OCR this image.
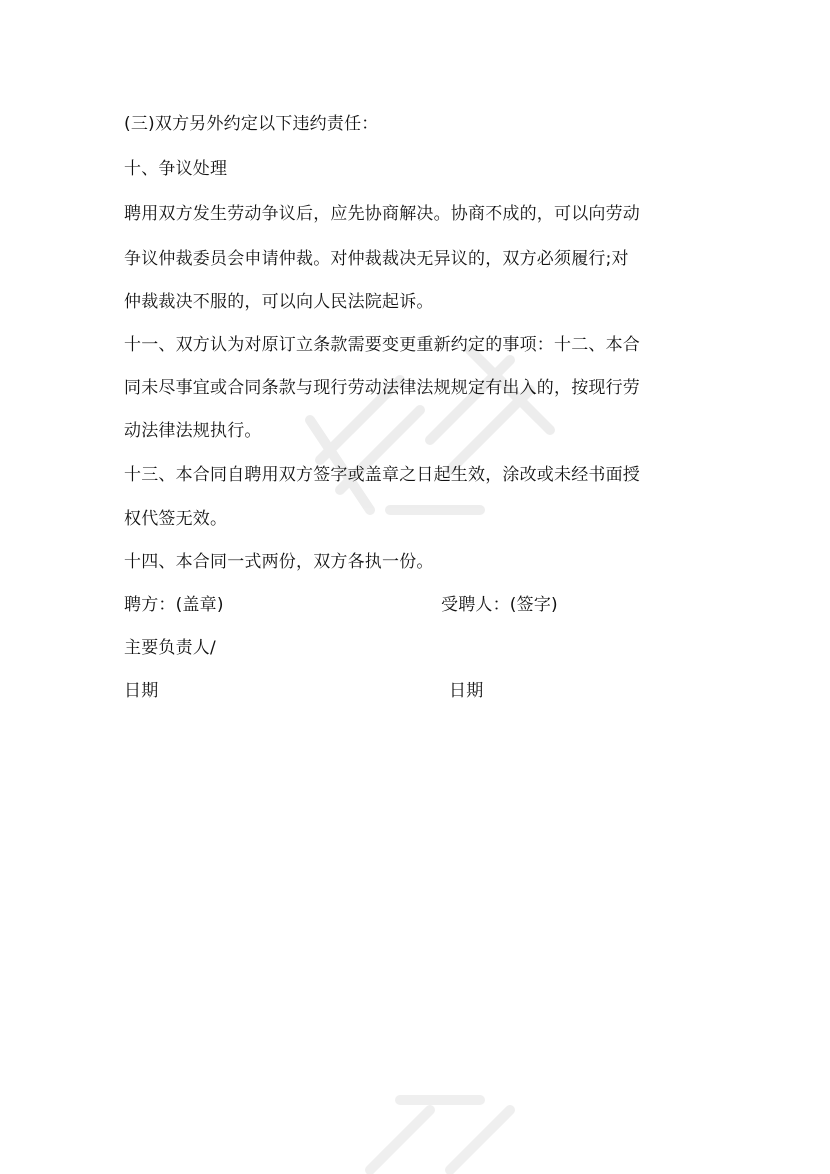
(三)双方另外约定以下违约责任：
十、争议处理
聘用双方发生劳动争议后，应先协商解决。协商不成的，可以向劳动
争议仲裁委员会申请仲裁。对仲裁裁决无异议的，双方必须履行;对
仲裁裁决不服的，可以向人民法院起诉。
十一、双方认为对原订立条款需要变更重新约定的事项：十二、本合
同未尽事宜或合同条款与现行劳动法律法规规定有出入的，按现行劳
动法律法规执行。
十三、本合同自聘用双方签字或盖章之日起生效，涂改或未经书面授
权代签无效。
十四、本合同一式两份，双方各执一份。
聘方：(盖章)	受聘人：(签字)
主要负责人/
日期	日期
